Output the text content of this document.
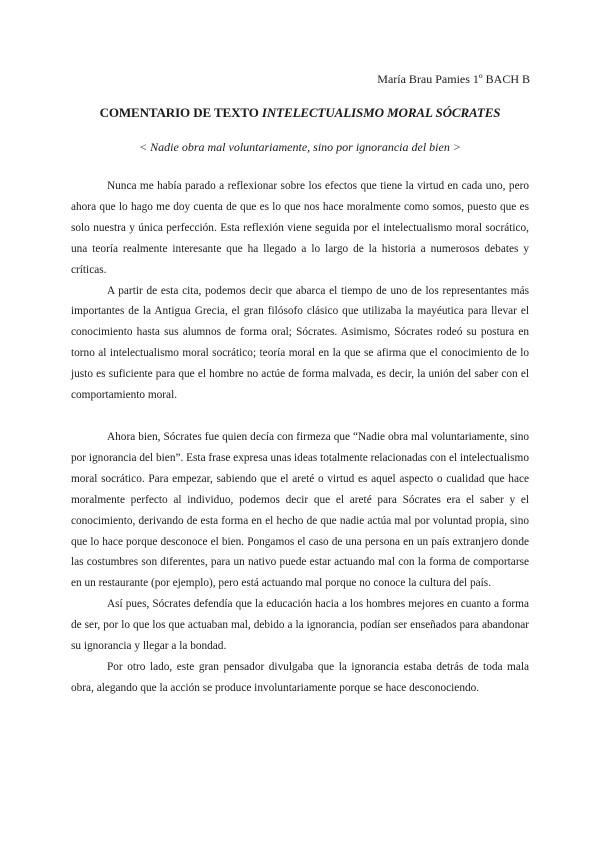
María Brau Pamies 1º BACH B
COMENTARIO DE TEXTO INTELECTUALISMO MORAL SÓCRATES
< Nadie obra mal voluntariamente, sino por ignorancia del bien >

Nunca me había parado a reflexionar sobre los efectos que tiene la virtud en cada uno, pero ahora que lo hago me doy cuenta de que es lo que nos hace moralmente como somos, puesto que es solo nuestra y única perfección. Esta reflexión viene seguida por el intelectualismo moral socrático, una teoría realmente interesante que ha llegado a lo largo de la historia a numerosos debates y críticas.

A partir de esta cita, podemos decir que abarca el tiempo de uno de los representantes más importantes de la Antigua Grecia, el gran filósofo clásico que utilizaba la mayéutica para llevar el conocimiento hasta sus alumnos de forma oral; Sócrates. Asimismo, Sócrates rodeó su postura en torno al intelectualismo moral socrático; teoría moral en la que se afirma que el conocimiento de lo justo es suficiente para que el hombre no actúe de forma malvada, es decir, la unión del saber con el comportamiento moral.

Ahora bien, Sócrates fue quien decía con firmeza que “Nadie obra mal voluntariamente, sino por ignorancia del bien”. Esta frase expresa unas ideas totalmente relacionadas con el intelectualismo moral socrático. Para empezar, sabiendo que el areté o virtud es aquel aspecto o cualidad que hace moralmente perfecto al individuo, podemos decir que el areté para Sócrates era el saber y el conocimiento, derivando de esta forma en el hecho de que nadie actúa mal por voluntad propia, sino que lo hace porque desconoce el bien. Pongamos el caso de una persona en un país extranjero donde las costumbres son diferentes, para un nativo puede estar actuando mal con la forma de comportarse en un restaurante (por ejemplo), pero está actuando mal porque no conoce la cultura del país.

Así pues, Sócrates defendía que la educación hacia a los hombres mejores en cuanto a forma de ser, por lo que los que actuaban mal, debido a la ignorancia, podían ser enseñados para abandonar su ignorancia y llegar a la bondad.

Por otro lado, este gran pensador divulgaba que la ignorancia estaba detrás de toda mala obra, alegando que la acción se produce involuntariamente porque se hace desconociendo.
